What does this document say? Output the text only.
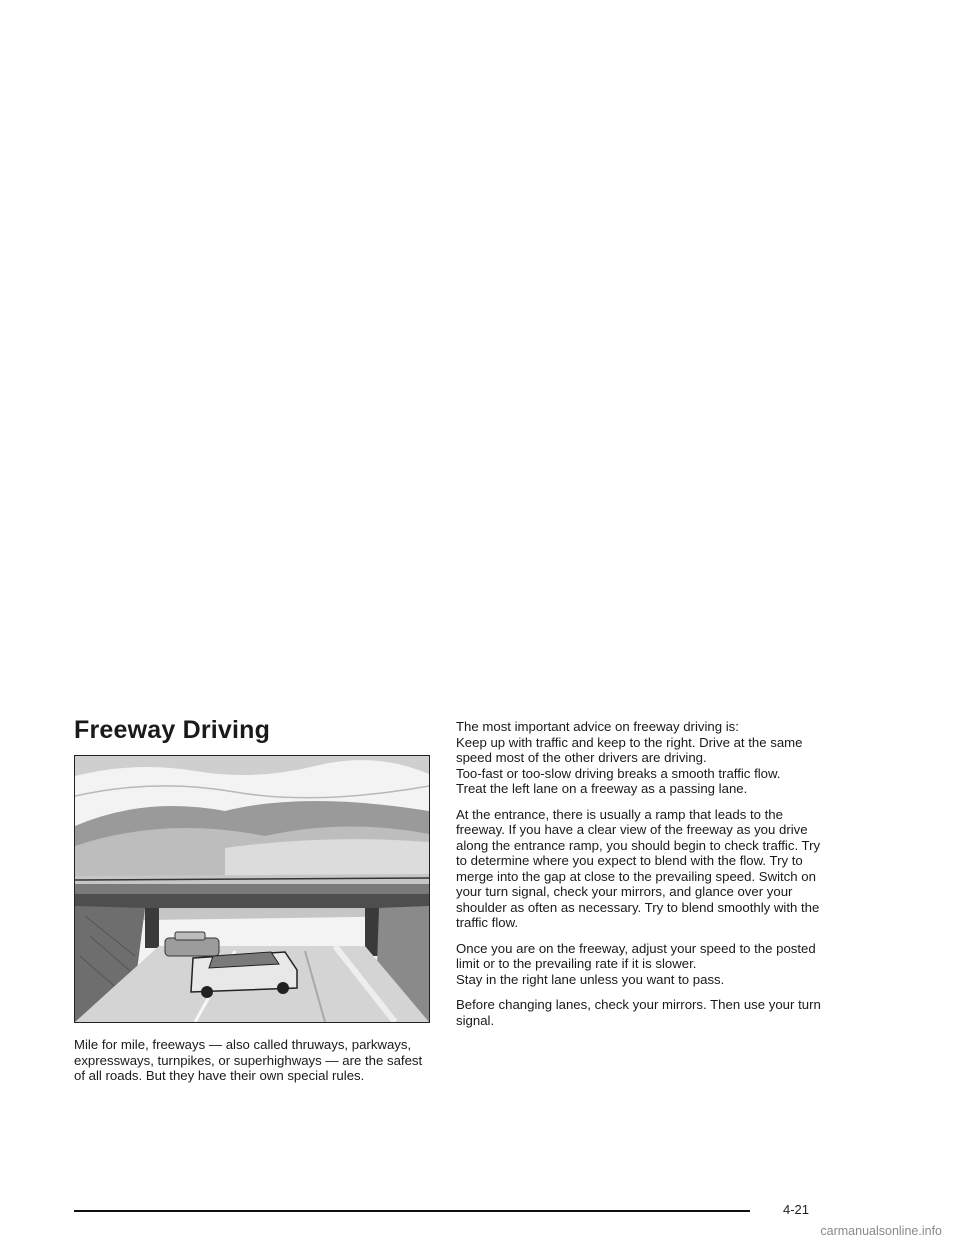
Freeway Driving

Mile for mile, freeways — also called thruways, parkways, expressways, turnpikes, or superhighways — are the safest of all roads. But they have their own special rules.

The most important advice on freeway driving is:
Keep up with traffic and keep to the right. Drive at the same speed most of the other drivers are driving.
Too-fast or too-slow driving breaks a smooth traffic flow.
Treat the left lane on a freeway as a passing lane.

At the entrance, there is usually a ramp that leads to the freeway. If you have a clear view of the freeway as you drive along the entrance ramp, you should begin to check traffic. Try to determine where you expect to blend with the flow. Try to merge into the gap at close to the prevailing speed. Switch on your turn signal, check your mirrors, and glance over your shoulder as often as necessary. Try to blend smoothly with the traffic flow.

Once you are on the freeway, adjust your speed to the posted limit or to the prevailing rate if it is slower.
Stay in the right lane unless you want to pass.

Before changing lanes, check your mirrors. Then use your turn signal.

4-21
carmanualsonline.info
